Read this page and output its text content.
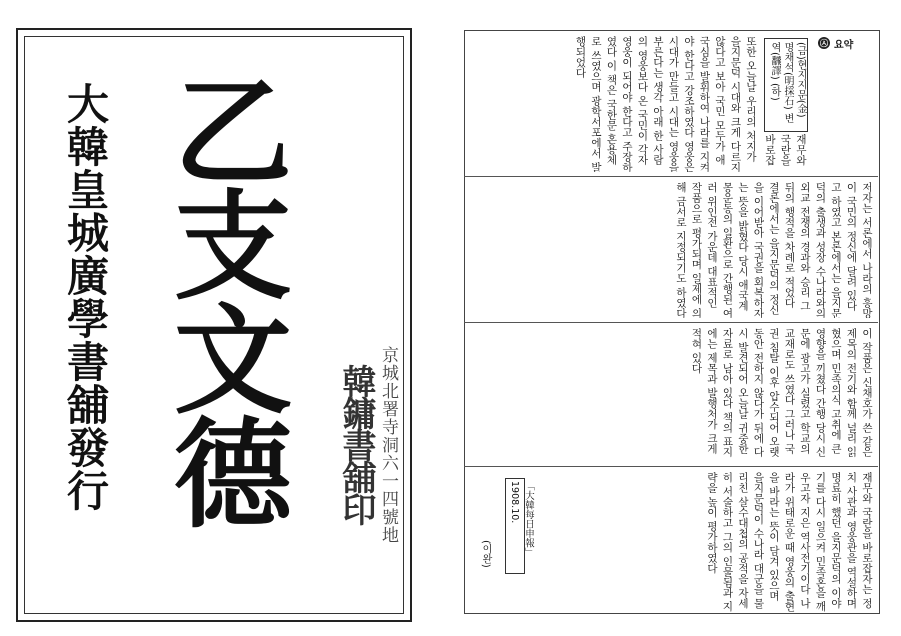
大韓皇城廣學書舖發行 乙支文德	京城北署寺洞六一四號地

韓鏞書舖印

㉦ 요약

(금)현지지문(金)
명채석(明採石) 변역(飜譯) (하)

재무와 국란을 바로잡

또한 오늘날 우리의 처지가 을지문덕 시대와 크게 다르지 않다고 보아 국민 모두가 애국심을 발휘하여 나라를 지켜야 한다고 강조하였다 영웅은 시대가 만들고 시대는 영웅을 부른다는 생각 아래 한 사람의 영웅보다 온 국민이 각자 영웅이 되어야 한다고 주장하였다 이 책은 국한문 혼용체로 쓰였으며 광학서포에서 발행되었다

저자는 서론에서 나라의 흥망이 국민의 정신에 달려 있다고 하였고 본론에서는 을지문덕의 출생과 성장 수나라와의 외교 전쟁의 경과와 승리 그 뒤의 행적을 차례로 적었다 결론에서는 을지문덕의 정신을 이어받아 국권을 회복하자는 뜻을 밝혔다 당시 애국계몽운동의 일환으로 간행된 여러 위인전 가운데 대표적인 작품으로 평가되며 일제에 의해 금서로 지정되기도 하였다

이 작품은 신채호가 쓴 같은 제목의 전기와 함께 널리 읽혔으며 민족의식 고취에 큰 영향을 끼쳤다 간행 당시 신문에 광고가 실렸고 학교의 교재로도 쓰였다 그러나 국권 침탈 이후 압수되어 오랫동안 전하지 않다가 뒤에 다시 발견되어 오늘날 귀중한 자료로 남아 있다 책의 표지에는 제목과 발행처가 크게 적혀 있다

재무와 국란을 바로잡자는 정치 사관과 영웅관을 역설하며 명료히 했던 을지문덕의 이야기를 다시 일으켜 민족혼을 깨우고자 지은 역사전기이다 나라가 위태로운 때 영웅의 출현을 바라는 뜻이 담겨 있으며 을지문덕이 수나라 대군을 물리친 살수대첩의 공적을 자세히 서술하고 그의 인물됨과 지략을 높이 평가하였다

「大韓每日申報」 1908.10.

(이완)
